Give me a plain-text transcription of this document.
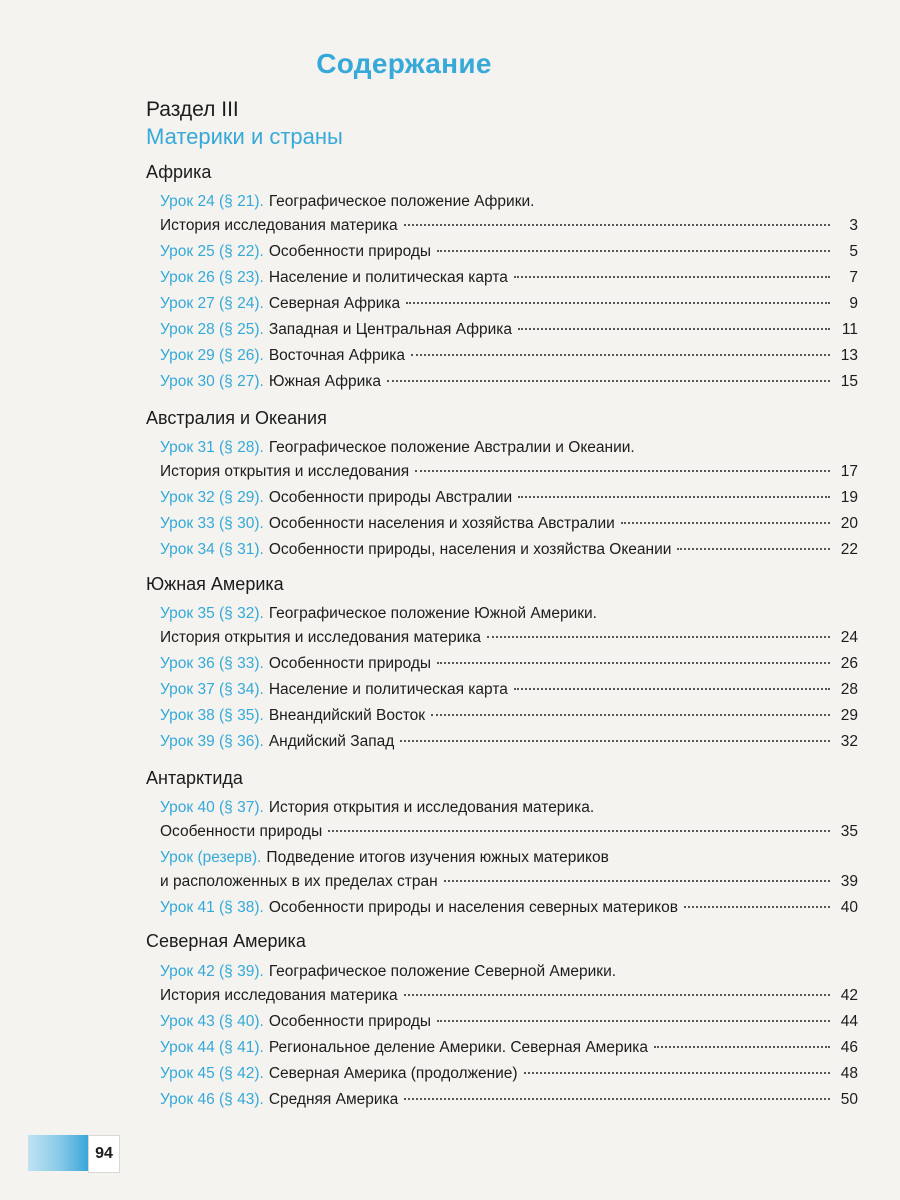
Содержание
Раздел III
Материки и страны
Африка
Урок 24 (§ 21). Географическое положение Африки.
История исследования материка	3
Урок 25 (§ 22). Особенности природы	5
Урок 26 (§ 23). Население и политическая карта	7
Урок 27 (§ 24). Северная Африка	9
Урок 28 (§ 25). Западная и Центральная Африка	11
Урок 29 (§ 26). Восточная Африка	13
Урок 30 (§ 27). Южная Африка	15
Австралия и Океания
Урок 31 (§ 28). Географическое положение Австралии и Океании.
История открытия и исследования	17
Урок 32 (§ 29). Особенности природы Австралии	19
Урок 33 (§ 30). Особенности населения и хозяйства Австралии	20
Урок 34 (§ 31). Особенности природы, населения и хозяйства Океании	22
Южная Америка
Урок 35 (§ 32). Географическое положение Южной Америки.
История открытия и исследования материка	24
Урок 36 (§ 33). Особенности природы	26
Урок 37 (§ 34). Население и политическая карта	28
Урок 38 (§ 35). Внеандийский Восток	29
Урок 39 (§ 36). Андийский Запад	32
Антарктида
Урок 40 (§ 37). История открытия и исследования материка.
Особенности природы	35
Урок (резерв). Подведение итогов изучения южных материков
и расположенных в их пределах стран	39
Урок 41 (§ 38). Особенности природы и населения северных материков	40
Северная Америка
Урок 42 (§ 39). Географическое положение Северной Америки.
История исследования материка	42
Урок 43 (§ 40). Особенности природы	44
Урок 44 (§ 41). Региональное деление Америки. Северная Америка	46
Урок 45 (§ 42). Северная Америка (продолжение)	48
Урок 46 (§ 43). Средняя Америка	50
94
